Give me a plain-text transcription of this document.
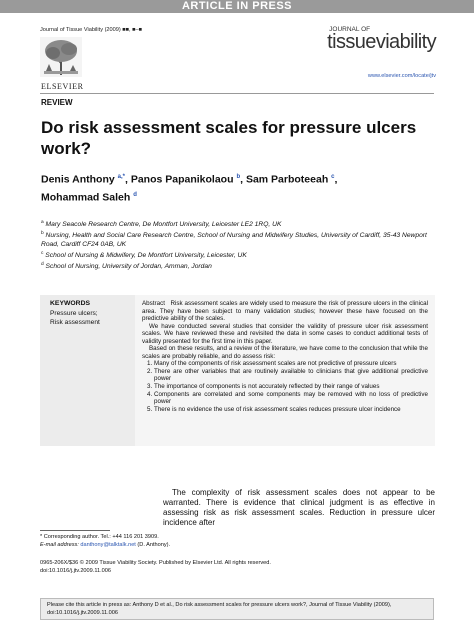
ARTICLE IN PRESS
Journal of Tissue Viability (2009) ■■, ■–■
ELSEVIER
JOURNAL OF
tissueviability
www.elsevier.com/locate/jtv
REVIEW
Do risk assessment scales for pressure ulcers work?
Denis Anthony $^{a,*}$, Panos Papanikolaou $^b$, Sam Parboteeah $^c$,
Mohammad Saleh $^d$

$^a$ Mary Seacole Research Centre, De Montfort University, Leicester LE2 1RQ, UK

$^b$ Nursing, Health and Social Care Research Centre, School of Nursing and Midwifery Studies, University of Cardiff, 35-43 Newport Road, Cardiff CF24 0AB, UK

$^c$ School of Nursing & Midwifery, De Montfort University, Leicester, UK

$^d$ School of Nursing, University of Jordan, Amman, Jordan

KEYWORDS
Pressure ulcers;
Risk assessment

Abstract Risk assessment scales are widely used to measure the risk of pressure ulcers in the clinical area. They have been subject to many validation studies; however these have focused on the predictive ability of the scales.

We have conducted several studies that consider the validity of pressure ulcer risk assessment scales. We have reviewed these and revisited the data in some cases to conduct additional tests of validity presented for the first time in this paper.

Based on these results, and a review of the literature, we have come to the conclusion that while the scales are probably reliable, and do assess risk:

1. Many of the components of risk assessment scales are not predictive of pressure ulcers
2. There are other variables that are routinely available to clinicians that give additional predictive power
3. The importance of components is not accurately reflected by their range of values
4. Components are correlated and some components may be removed with no loss of predictive power
5. There is no evidence the use of risk assessment scales reduces pressure ulcer incidence

The complexity of risk assessment scales does not appear to be warranted. There is evidence that clinical judgment is as effective in assessing risk as risk assessment scales. Reduction in pressure ulcer incidence after

* Corresponding author. Tel.: +44 116 201 3909.
E-mail address: danthony@talktalk.net (D. Anthony).
0965-206X/$36 © 2009 Tissue Viability Society. Published by Elsevier Ltd. All rights reserved.
doi:10.1016/j.jtv.2009.11.006
Please cite this article in press as: Anthony D et al., Do risk assessment scales for pressure ulcers work?, Journal of Tissue Viability (2009), doi:10.1016/j.jtv.2009.11.006
